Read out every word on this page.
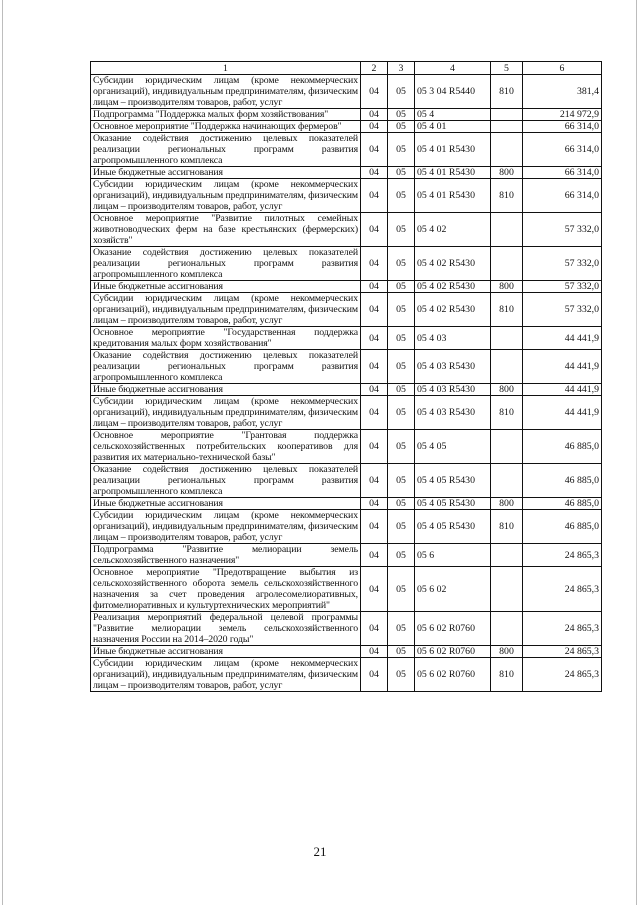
1	2	3	4	5	6
Субсидии юридическим лицам (кроме некоммерческих организаций), индивидуальным предпринимателям, физическим лицам – производителям товаров, работ, услуг	04	05	05 3 04 R5440	810	381,4
Подпрограмма "Поддержка малых форм хозяйствования"	04	05	05 4		214 972,9
Основное мероприятие "Поддержка начинающих фермеров"	04	05	05 4 01		66 314,0
Оказание содействия достижению целевых показателей реализации региональных программ развития агропромышленного комплекса	04	05	05 4 01 R5430		66 314,0
Иные бюджетные ассигнования	04	05	05 4 01 R5430	800	66 314,0
Субсидии юридическим лицам (кроме некоммерческих организаций), индивидуальным предпринимателям, физическим лицам – производителям товаров, работ, услуг	04	05	05 4 01 R5430	810	66 314,0
Основное мероприятие "Развитие пилотных семейных животноводческих ферм на базе крестьянских (фермерских) хозяйств"	04	05	05 4 02		57 332,0
Оказание содействия достижению целевых показателей реализации региональных программ развития агропромышленного комплекса	04	05	05 4 02 R5430		57 332,0
Иные бюджетные ассигнования	04	05	05 4 02 R5430	800	57 332,0
Субсидии юридическим лицам (кроме некоммерческих организаций), индивидуальным предпринимателям, физическим лицам – производителям товаров, работ, услуг	04	05	05 4 02 R5430	810	57 332,0
Основное мероприятие "Государственная поддержка кредитования малых форм хозяйствования"	04	05	05 4 03		44 441,9
Оказание содействия достижению целевых показателей реализации региональных программ развития агропромышленного комплекса	04	05	05 4 03 R5430		44 441,9
Иные бюджетные ассигнования	04	05	05 4 03 R5430	800	44 441,9
Субсидии юридическим лицам (кроме некоммерческих организаций), индивидуальным предпринимателям, физическим лицам – производителям товаров, работ, услуг	04	05	05 4 03 R5430	810	44 441,9
Основное мероприятие "Грантовая поддержка сельскохозяйственных потребительских кооперативов для развития их материально-технической базы"	04	05	05 4 05		46 885,0
Оказание содействия достижению целевых показателей реализации региональных программ развития агропромышленного комплекса	04	05	05 4 05 R5430		46 885,0
Иные бюджетные ассигнования	04	05	05 4 05 R5430	800	46 885,0
Субсидии юридическим лицам (кроме некоммерческих организаций), индивидуальным предпринимателям, физическим лицам – производителям товаров, работ, услуг	04	05	05 4 05 R5430	810	46 885,0
Подпрограмма "Развитие мелиорации земель сельскохозяйственного назначения"	04	05	05 6		24 865,3
Основное мероприятие "Предотвращение выбытия из сельскохозяйственного оборота земель сельскохозяйственного назначения за счет проведения агролесомелиоративных, фитомелиоративных и культуртехнических мероприятий"	04	05	05 6 02		24 865,3
Реализация мероприятий федеральной целевой программы "Развитие мелиорации земель сельскохозяйственного назначения России на 2014–2020 годы"	04	05	05 6 02 R0760		24 865,3
Иные бюджетные ассигнования	04	05	05 6 02 R0760	800	24 865,3
Субсидии юридическим лицам (кроме некоммерческих организаций), индивидуальным предпринимателям, физическим лицам – производителям товаров, работ, услуг	04	05	05 6 02 R0760	810	24 865,3
21
